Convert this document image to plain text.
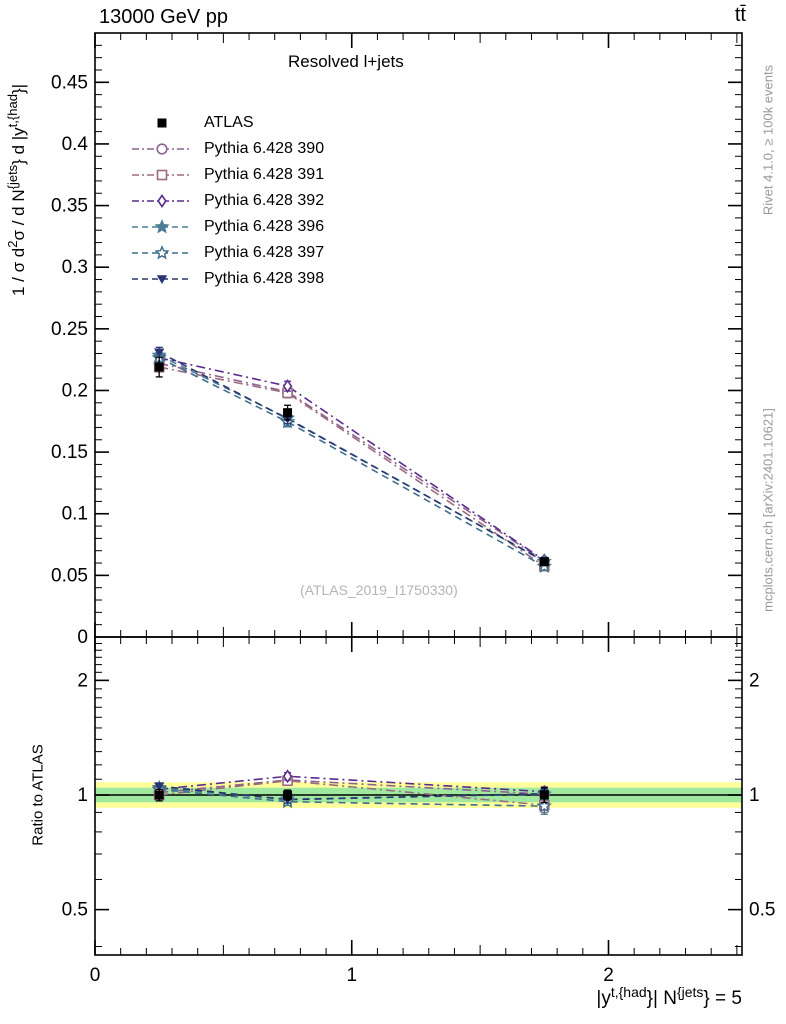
13000 GeV pp	tt̄
0
0.05
0.1
0.15
0.2
0.25
0.3
0.35
0.4
0.45
0.5	0.5
1	1
2	2
0	1	2
1 / σ $d^2\sigma$ / d $N^{\{jets}$} d $|y^{t,\{had}\}|$
$|y^{t,\{had}\}|$ $N^{\{jets}\} = 5$
Resolved l+jets
ATLAS
Pythia 6.428 390
Pythia 6.428 391
Pythia 6.428 392
Pythia 6.428 396
Pythia 6.428 397
Pythia 6.428 398
(ATLAS_2019_I1750330)
Rivet 4.1.0, ≥ 100k events
mcplots.cern.ch [arXiv:2401.10621]
Ratio to ATLAS
